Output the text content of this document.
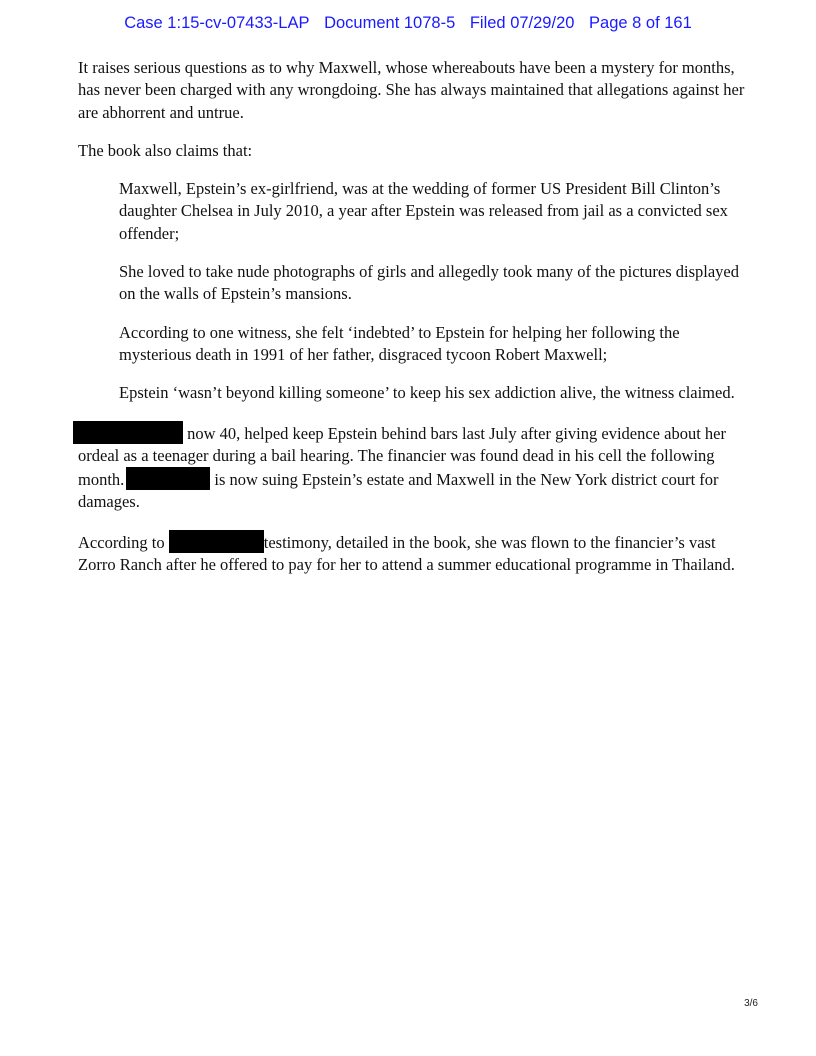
Case 1:15-cv-07433-LAP Document 1078-5 Filed 07/29/20 Page 8 of 161

It raises serious questions as to why Maxwell, whose whereabouts have been a mystery for months, has never been charged with any wrongdoing. She has always maintained that allegations against her are abhorrent and untrue.

The book also claims that:

Maxwell, Epstein’s ex-girlfriend, was at the wedding of former US President Bill Clinton’s daughter Chelsea in July 2010, a year after Epstein was released from jail as a convicted sex offender;

She loved to take nude photographs of girls and allegedly took many of the pictures displayed on the walls of Epstein’s mansions.

According to one witness, she felt ‘indebted’ to Epstein for helping her following the mysterious death in 1991 of her father, disgraced tycoon Robert Maxwell;

Epstein ‘wasn’t beyond killing someone’ to keep his sex addiction alive, the witness claimed.

now 40, helped keep Epstein behind bars last July after giving evidence about her ordeal as a teenager during a bail hearing. The financier was found dead in his cell the following month.	is now suing Epstein’s estate and Maxwell in the New York district court for damages.

According to	testimony, detailed in the book, she was flown to the financier’s vast Zorro Ranch after he offered to pay for her to attend a summer educational programme in Thailand.

3/6
